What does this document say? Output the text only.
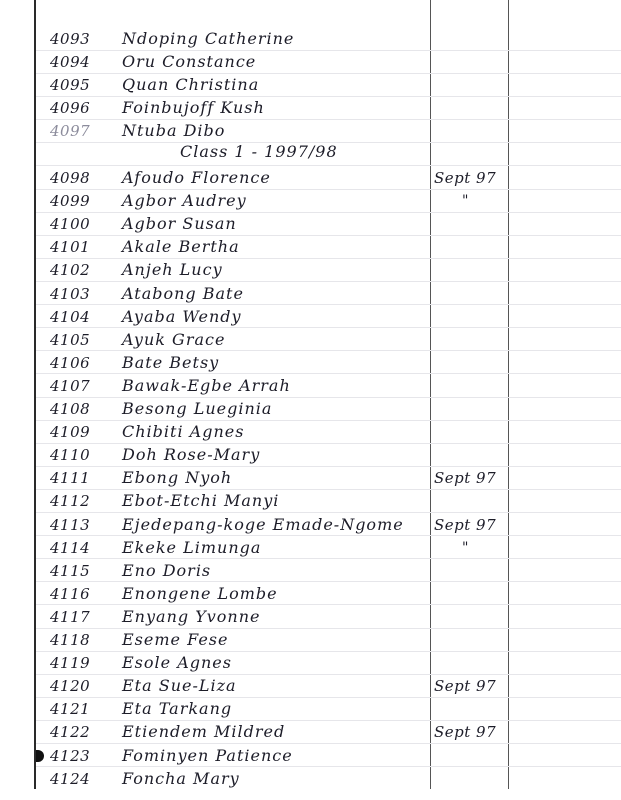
4093 Ndoping Catherine
4094 Oru Constance
4095 Quan Christina
4096 Foinbujoff Kush
4097 Ntuba Dibo
Class 1 - 1997/98
4098 Afoudo Florence	Sept 97
4099 Agbor Audrey	"
4100 Agbor Susan
4101 Akale Bertha
4102 Anjeh Lucy
4103 Atabong Bate
4104 Ayaba Wendy
4105 Ayuk Grace
4106 Bate Betsy
4107 Bawak-Egbe Arrah
4108 Besong Lueginia
4109 Chibiti Agnes
4110 Doh Rose-Mary
4111 Ebong Nyoh	Sept 97
4112 Ebot-Etchi Manyi
4113 Ejedepang-koge Emade-Ngome Sept 97
4114 Ekeke Limunga	"
4115 Eno Doris
4116 Enongene Lombe
4117 Enyang Yvonne
4118 Eseme Fese
4119 Esole Agnes
4120 Eta Sue-Liza	Sept 97
4121 Eta Tarkang
4122 Etiendem Mildred	Sept 97
4123 Fominyen Patience
4124 Foncha Mary
